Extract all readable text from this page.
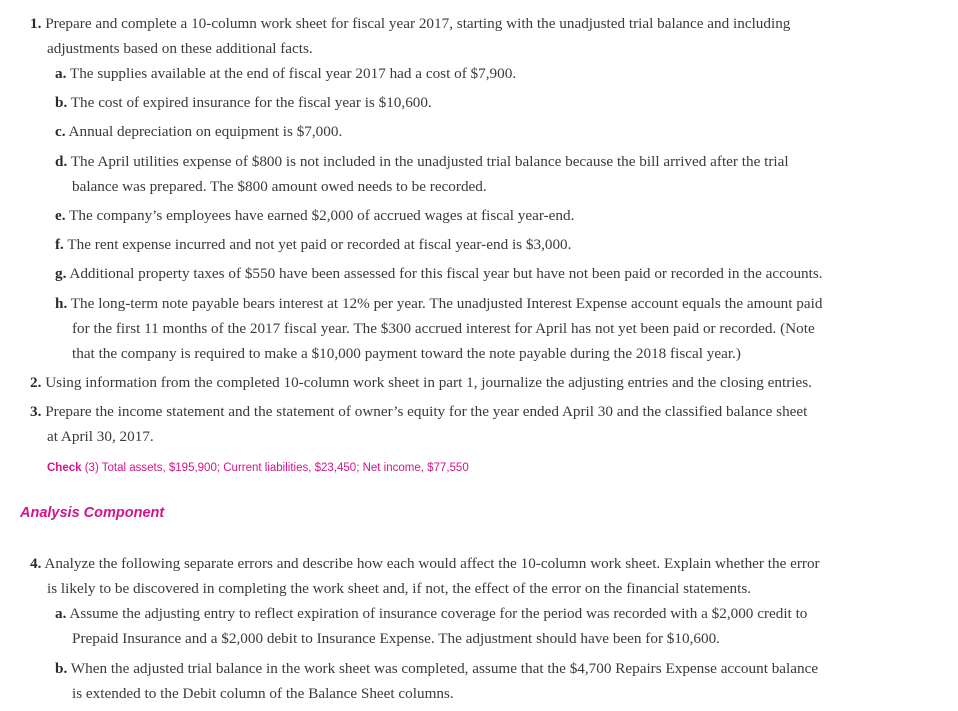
1. Prepare and complete a 10-column work sheet for fiscal year 2017, starting with the unadjusted trial balance and including
adjustments based on these additional facts.
a. The supplies available at the end of fiscal year 2017 had a cost of $7,900.
b. The cost of expired insurance for the fiscal year is $10,600.
c. Annual depreciation on equipment is $7,000.
d. The April utilities expense of $800 is not included in the unadjusted trial balance because the bill arrived after the trial
balance was prepared. The $800 amount owed needs to be recorded.
e. The company’s employees have earned $2,000 of accrued wages at fiscal year-end.
f. The rent expense incurred and not yet paid or recorded at fiscal year-end is $3,000.
g. Additional property taxes of $550 have been assessed for this fiscal year but have not been paid or recorded in the accounts.
h. The long-term note payable bears interest at 12% per year. The unadjusted Interest Expense account equals the amount paid
for the first 11 months of the 2017 fiscal year. The $300 accrued interest for April has not yet been paid or recorded. (Note
that the company is required to make a $10,000 payment toward the note payable during the 2018 fiscal year.)
2. Using information from the completed 10-column work sheet in part 1, journalize the adjusting entries and the closing entries.
3. Prepare the income statement and the statement of owner’s equity for the year ended April 30 and the classified balance sheet
at April 30, 2017.
Check (3) Total assets, $195,900; Current liabilities, $23,450; Net income, $77,550
Analysis Component
4. Analyze the following separate errors and describe how each would affect the 10-column work sheet. Explain whether the error
is likely to be discovered in completing the work sheet and, if not, the effect of the error on the financial statements.
a. Assume the adjusting entry to reflect expiration of insurance coverage for the period was recorded with a $2,000 credit to
Prepaid Insurance and a $2,000 debit to Insurance Expense. The adjustment should have been for $10,600.
b. When the adjusted trial balance in the work sheet was completed, assume that the $4,700 Repairs Expense account balance
is extended to the Debit column of the Balance Sheet columns.
